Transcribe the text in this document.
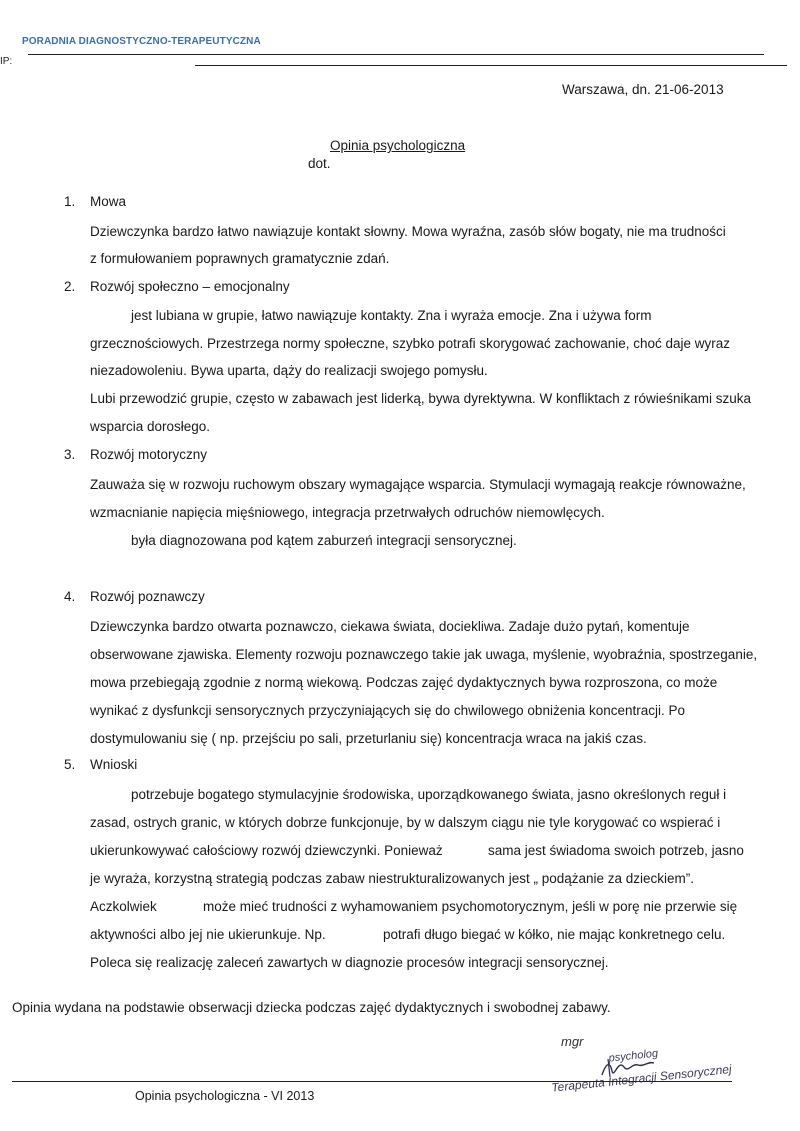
PORADNIA DIAGNOSTYCZNO-TERAPEUTYCZNA
IP:
Warszawa, dn. 21-06-2013
Opinia psychologiczna
dot.
1. Mowa
Dziewczynka bardzo łatwo nawiązuje kontakt słowny. Mowa wyraźna, zasób słów bogaty, nie ma trudności
z formułowaniem poprawnych gramatycznie zdań.
2. Rozwój społeczno – emocjonalny
jest lubiana w grupie, łatwo nawiązuje kontakty. Zna i wyraża emocje. Zna i używa form
grzecznościowych. Przestrzega normy społeczne, szybko potrafi skorygować zachowanie, choć daje wyraz
niezadowoleniu. Bywa uparta, dąży do realizacji swojego pomysłu.
Lubi przewodzić grupie, często w zabawach jest liderką, bywa dyrektywna. W konfliktach z rówieśnikami szuka
wsparcia dorosłego.
3. Rozwój motoryczny
Zauważa się w rozwoju ruchowym obszary wymagające wsparcia. Stymulacji wymagają reakcje równoważne,
wzmacnianie napięcia mięśniowego, integracja przetrwałych odruchów niemowlęcych.
była diagnozowana pod kątem zaburzeń integracji sensorycznej.
4. Rozwój poznawczy
Dziewczynka bardzo otwarta poznawczo, ciekawa świata, dociekliwa. Zadaje dużo pytań, komentuje
obserwowane zjawiska. Elementy rozwoju poznawczego takie jak uwaga, myślenie, wyobraźnia, spostrzeganie,
mowa przebiegają zgodnie z normą wiekową. Podczas zajęć dydaktycznych bywa rozproszona, co może
wynikać z dysfunkcji sensorycznych przyczyniających się do chwilowego obniżenia koncentracji. Po
dostymulowaniu się ( np. przejściu po sali, przeturlaniu się) koncentracja wraca na jakiś czas.
5. Wnioski
potrzebuje bogatego stymulacyjnie środowiska, uporządkowanego świata, jasno określonych reguł i
zasad, ostrych granic, w których dobrze funkcjonuje, by w dalszym ciągu nie tyle korygować co wspierać i
ukierunkowywać całościowy rozwój dziewczynki. Ponieważ	sama jest świadoma swoich potrzeb, jasno
je wyraża, korzystną strategią podczas zabaw niestrukturalizowanych jest „ podążanie za dzieckiem”.
Aczkolwiek	może mieć trudności z wyhamowaniem psychomotorycznym, jeśli w porę nie przerwie się
aktywności albo jej nie ukierunkuje. Np.	potrafi długo biegać w kółko, nie mając konkretnego celu.
Poleca się realizację zaleceń zawartych w diagnozie procesów integracji sensorycznej.
Opinia wydana na podstawie obserwacji dziecka podczas zajęć dydaktycznych i swobodnej zabawy.
mgr
psycholog
Terapeuta Integracji Sensorycznej
Opinia psychologiczna - VI 2013
